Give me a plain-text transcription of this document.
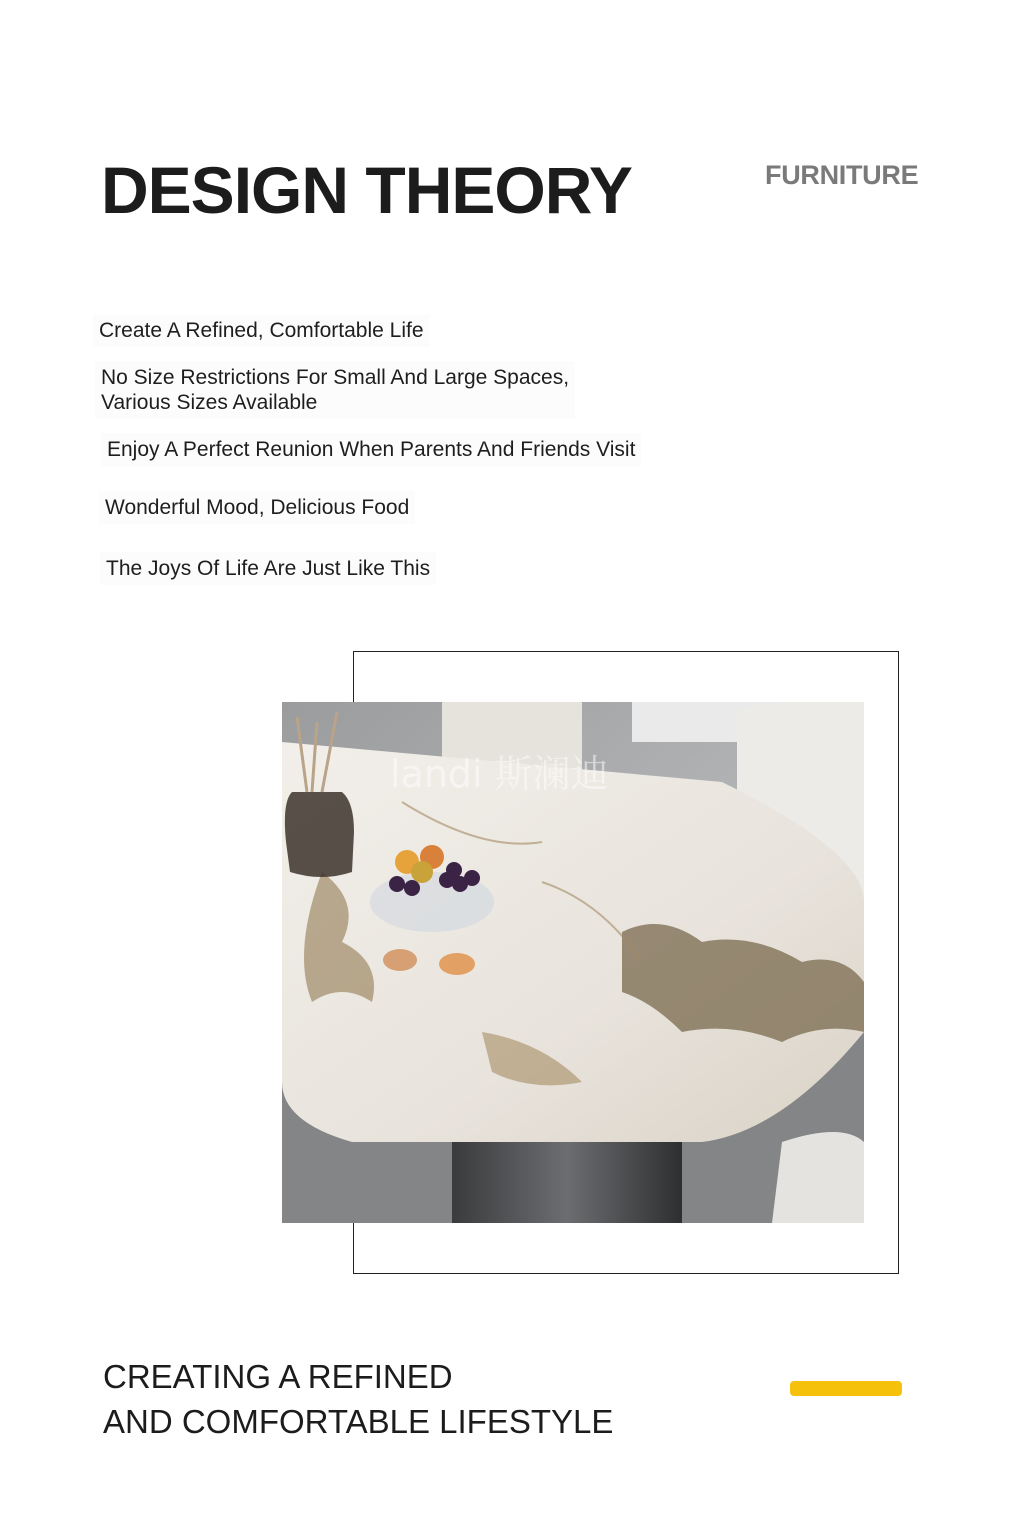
DESIGN THEORY	FURNITURE
Create A Refined, Comfortable Life
No Size Restrictions For Small And Large Spaces,
Various Sizes Available
Enjoy A Perfect Reunion When Parents And Friends Visit
Wonderful Mood, Delicious Food
The Joys Of Life Are Just Like This
landi 斯澜迪
CREATING A REFINED
AND COMFORTABLE LIFESTYLE
